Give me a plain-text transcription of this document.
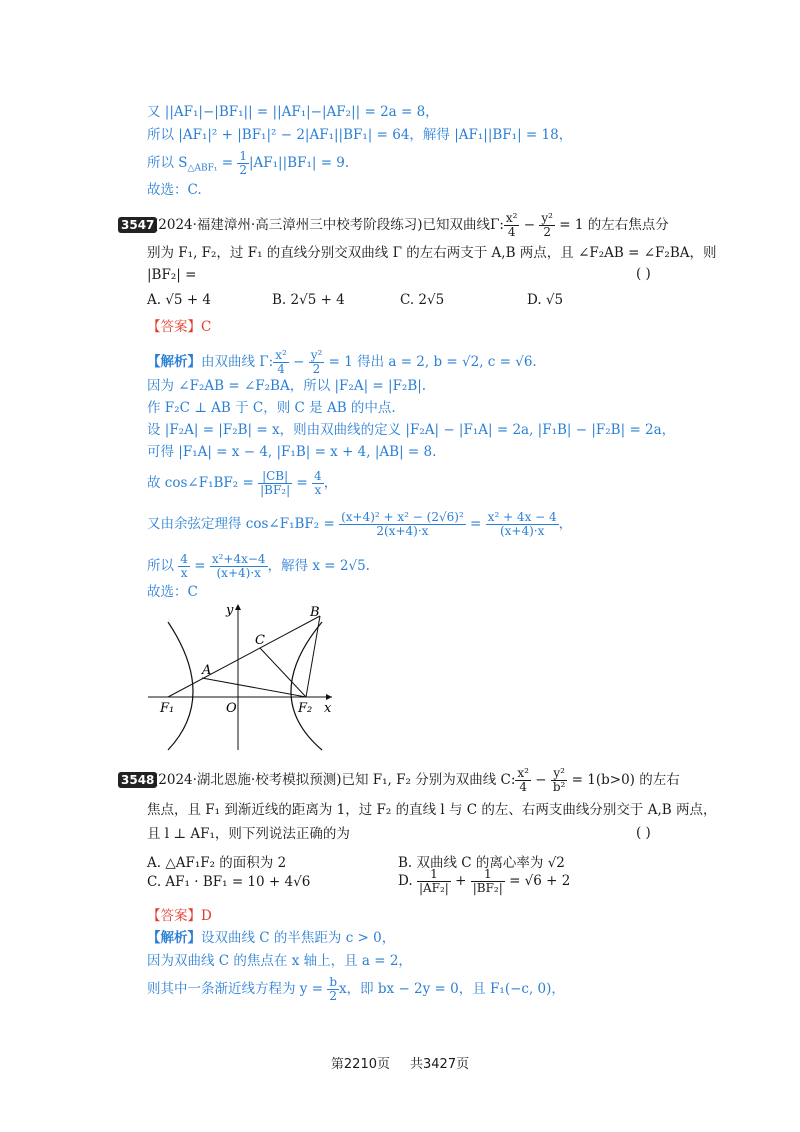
又 ||AF₁|−|BF₁|| = ||AF₁|−|AF₂|| = 2a = 8，
所以 |AF₁|² + |BF₁|² − 2|AF₁||BF₁| = 64，解得 |AF₁||BF₁| = 18，
所以 $S_{\triangle ABF_1} = \frac{1}{2} |AF_1||BF_1| = 9$.
故选：C.
3547
(2024·福建漳州·高三漳州三中校考阶段练习)已知双曲线Γ: $\frac{\text{x²}}{4} - \frac{\text{y²}}{2} = 1$ 的左右焦点分
别为 F₁, F₂，过 F₁ 的直线分别交双曲线 Γ 的左右两支于 A,B 两点，且 ∠F₂AB = ∠F₂BA，则
|BF₂| =	( )
A. √5 + 4	B. 2√5 + 4	C. 2√5	D. √5
【答案】C
【解析】由双曲线 Γ: $\frac{\text{x²}}{4} - \frac{\text{y²}}{2} = 1$ 得出 a = 2, b = √2, c = √6.
因为 ∠F₂AB = ∠F₂BA，所以 |F₂A| = |F₂B|.
作 F₂C ⊥ AB 于 C，则 C 是 AB 的中点.
设 |F₂A| = |F₂B| = x，则由双曲线的定义 |F₂A| − |F₁A| = 2a, |F₁B| − |F₂B| = 2a，
可得 |F₁A| = x − 4, |F₁B| = x + 4, |AB| = 8.
故 cos∠F₁BF₂ = $\frac{|CB|}{\text{|BF₂|}} = \frac{4}{x}$ ，
又由余弦定理得 cos∠F₁BF₂ = $\frac{\text{(x+4)² + x² − (2√6)²}}{2(x+4)\cdot x} = \frac{\text{x² + 4x − 4}}{(x+4)\cdot x}$ ，
所以 $\frac{4}{x} = \frac{\text{x²+4x−4}}{(x+4)\cdot x}$ ，解得 x = 2√5.
故选：C
y	B
C
A
F₁	O	F₂ x
3548
(2024·湖北恩施·校考模拟预测)已知 F₁, F₂ 分别为双曲线 C: $\frac{\text{x²}}{4} - \frac{\text{y²}}{\text{b²}} = 1(b>0)$ 的左右
焦点，且 F₁ 到渐近线的距离为 1，过 F₂ 的直线 l 与 C 的左、右两支曲线分别交于 A,B 两点，
且 l ⊥ AF₁，则下列说法正确的为	( )
A. △AF₁F₂ 的面积为 2	B. 双曲线 C 的离心率为 √2
C. AF₁ · BF₁ = 10 + 4√6	D. $\frac{1}{\text{|AF₂|}} + \frac{1}{\text{|BF₂|}} = √6 + 2$
【答案】D
【解析】设双曲线 C 的半焦距为 c > 0，
因为双曲线 C 的焦点在 x 轴上，且 a = 2，
则其中一条渐近线方程为 $y = \frac{b}{2}$ x，即 bx − 2y = 0，且 F₁(−c, 0)，
第2210页 共3427页
